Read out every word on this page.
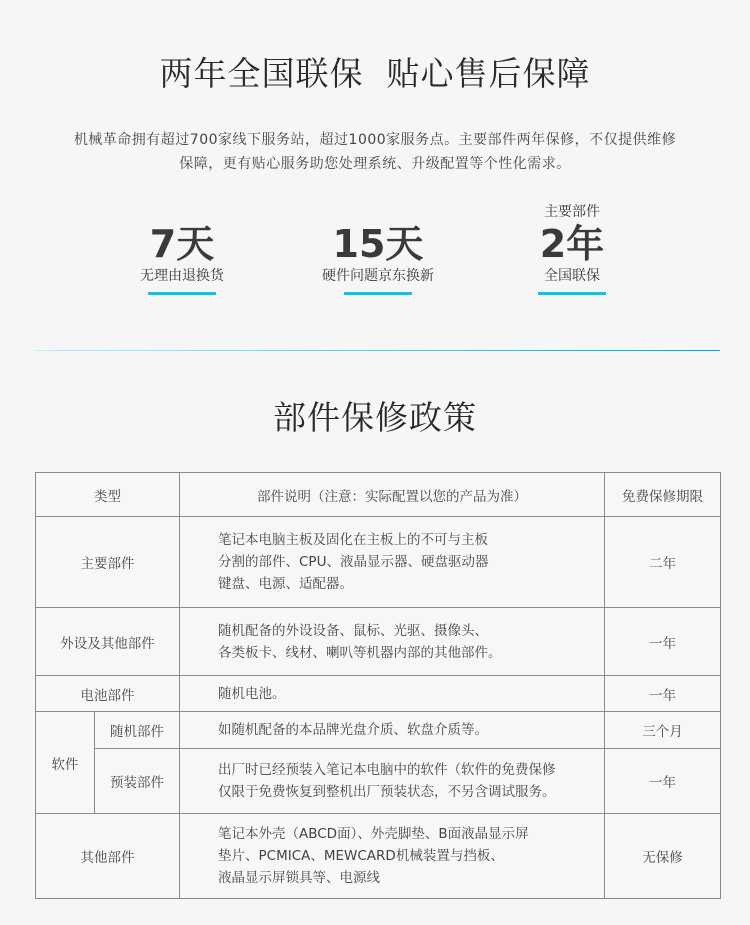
两年全国联保  贴心售后保障
机械革命拥有超过700家线下服务站，超过1000家服务点。主要部件两年保修，不仅提供维修
保障，更有贴心服务助您处理系统、升级配置等个性化需求。
7天
无理由退换货
15天
硬件问题京东换新
主要部件
2年
全国联保
部件保修政策
类型		部件说明（注意：实际配置以您的产品为准）	免费保修期限
主要部件		笔记本电脑主板及固化在主板上的不可与主板
分割的部件、CPU、液晶显示器、硬盘驱动器
键盘、电源、适配器。	二年
外设及其他部件		随机配备的外设设备、鼠标、光驱、摄像头、
各类板卡、线材、喇叭等机器内部的其他部件。	一年
电池部件		随机电池。	一年
软件	随机部件	如随机配备的本品牌光盘介质、软盘介质等。	三个月
	预装部件	出厂时已经预装入笔记本电脑中的软件（软件的免费保修
仅限于免费恢复到整机出厂预装状态，不另含调试服务。	一年
其他部件		笔记本外壳（ABCD面）、外壳脚垫、B面液晶显示屏
垫片、PCMICA、MEWCARD机械装置与挡板、
液晶显示屏锁具等、电源线	无保修
